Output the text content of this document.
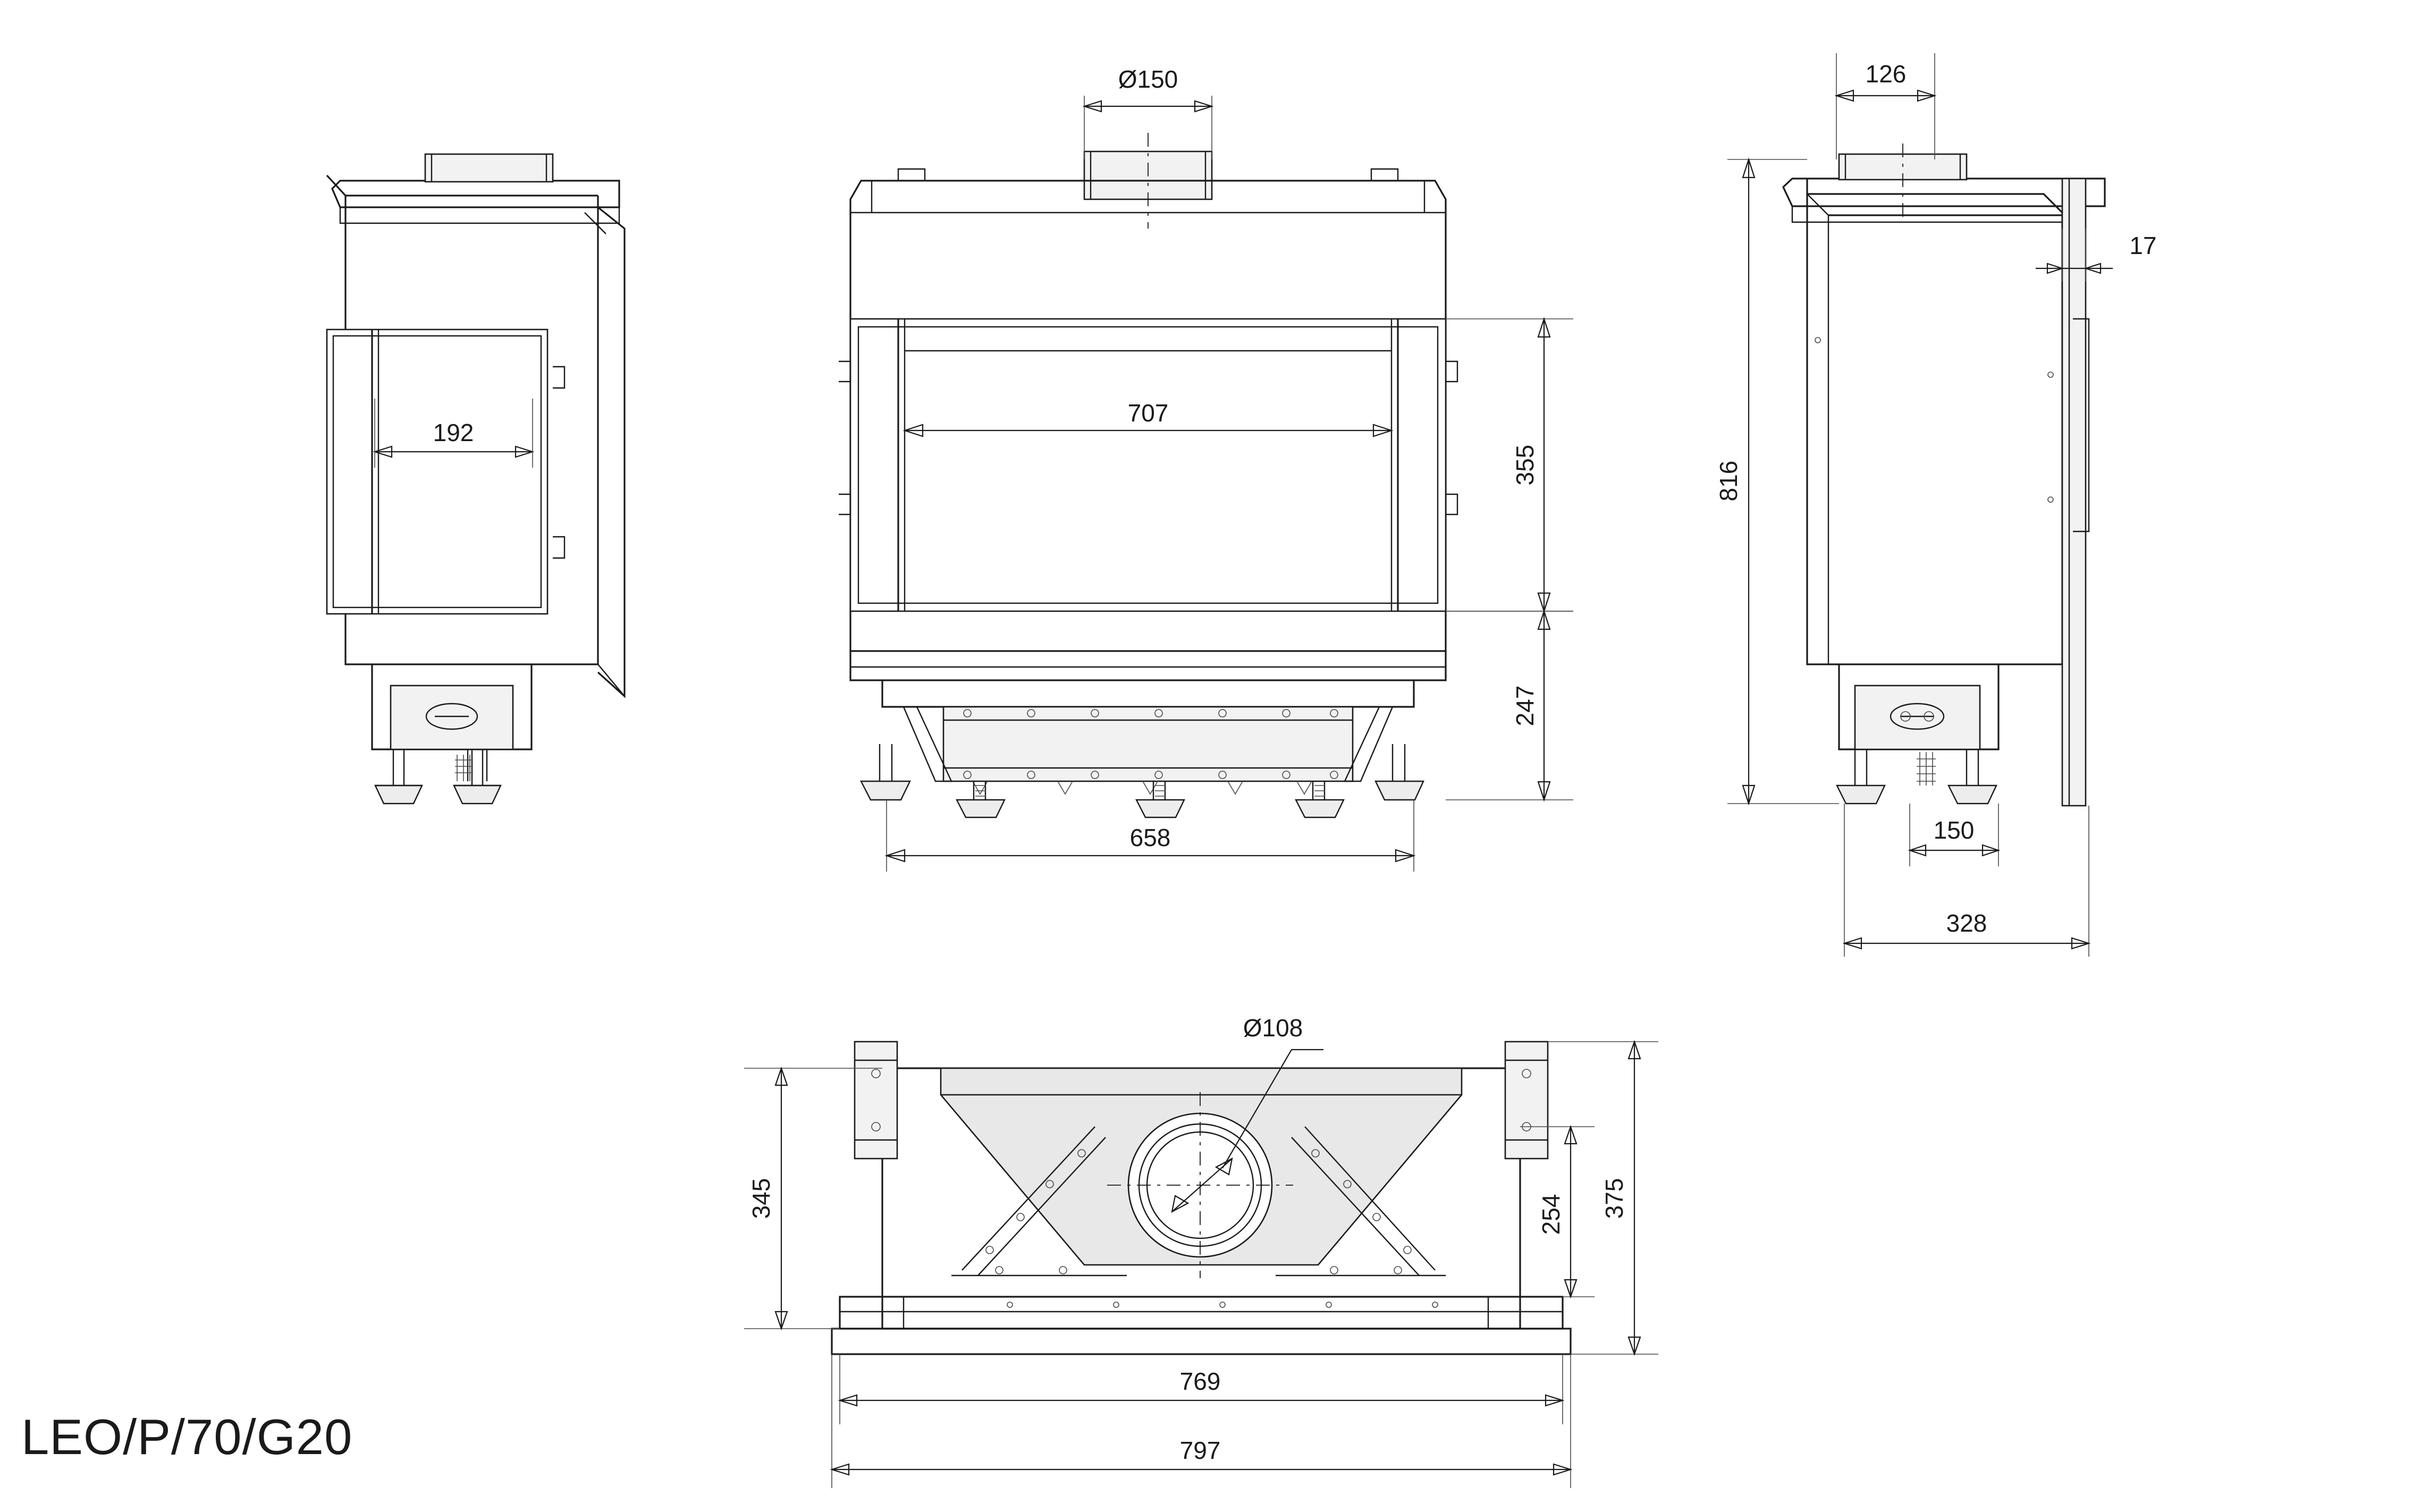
192
Ø150
707
355
247
658
126
17
816
150
328
Ø108
345	375
254
769
797
LEO/P/70/G20
